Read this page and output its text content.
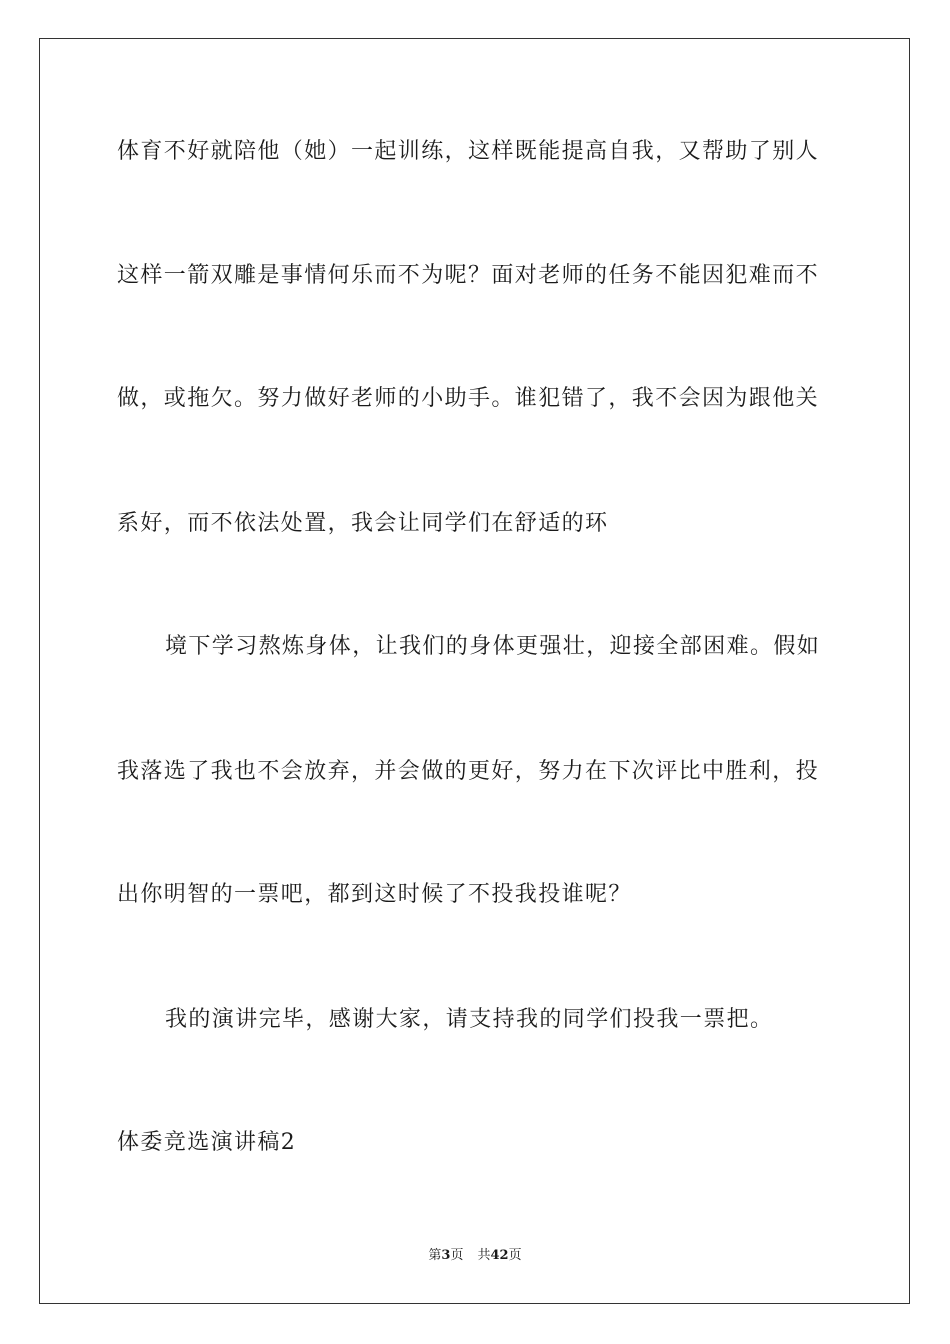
体育不好就陪他（她）一起训练，这样既能提高自我，又帮助了别人
这样一箭双雕是事情何乐而不为呢？面对老师的任务不能因犯难而不
做，或拖欠。努力做好老师的小助手。谁犯错了，我不会因为跟他关
系好，而不依法处置，我会让同学们在舒适的环
境下学习熬炼身体，让我们的身体更强壮，迎接全部困难。假如
我落选了我也不会放弃，并会做的更好，努力在下次评比中胜利，投
出你明智的一票吧，都到这时候了不投我投谁呢？
我的演讲完毕，感谢大家，请支持我的同学们投我一票把。
体委竞选演讲稿2
第3页 共42页
